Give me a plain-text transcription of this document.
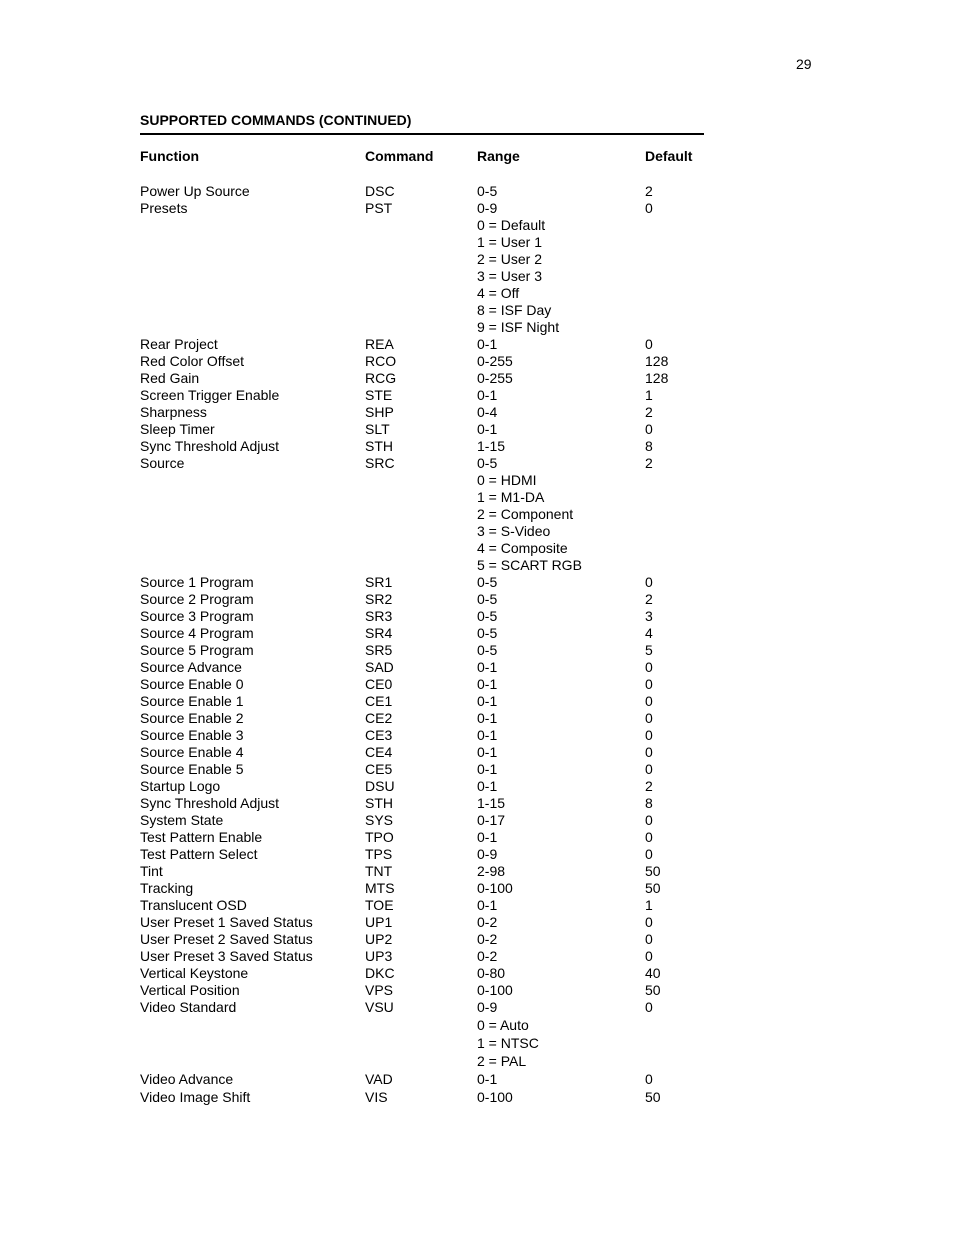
29
SUPPORTED COMMANDS (CONTINUED)
Function	Command	Range	Default
Power Up Source	DSC	0-5	2
Presets	PST	0-9	0
0 = Default
1 = User 1
2 = User 2
3 = User 3
4 = Off
8 = ISF Day
9 = ISF Night
Rear Project	REA	0-1	0
Red Color Offset	RCO	0-255	128
Red Gain	RCG	0-255	128
Screen Trigger Enable	STE	0-1	1
Sharpness	SHP	0-4	2
Sleep Timer	SLT	0-1	0
Sync Threshold Adjust	STH	1-15	8
Source	SRC	0-5	2
0 = HDMI
1 = M1-DA
2 = Component
3 = S-Video
4 = Composite
5 = SCART RGB
Source 1 Program	SR1	0-5	0
Source 2 Program	SR2	0-5	2
Source 3 Program	SR3	0-5	3
Source 4 Program	SR4	0-5	4
Source 5 Program	SR5	0-5	5
Source Advance	SAD	0-1	0
Source Enable 0	CE0	0-1	0
Source Enable 1	CE1	0-1	0
Source Enable 2	CE2	0-1	0
Source Enable 3	CE3	0-1	0
Source Enable 4	CE4	0-1	0
Source Enable 5	CE5	0-1	0
Startup Logo	DSU	0-1	2
Sync Threshold Adjust	STH	1-15	8
System State	SYS	0-17	0
Test Pattern Enable	TPO	0-1	0
Test Pattern Select	TPS	0-9	0
Tint	TNT	2-98	50
Tracking	MTS	0-100	50
Translucent OSD	TOE	0-1	1
User Preset 1 Saved Status	UP1	0-2	0
User Preset 2 Saved Status	UP2	0-2	0
User Preset 3 Saved Status	UP3	0-2	0
Vertical Keystone	DKC	0-80	40
Vertical Position	VPS	0-100	50
Video Standard	VSU	0-9	0
0 = Auto
1 = NTSC
2 = PAL
Video Advance	VAD	0-1	0
Video Image Shift	VIS	0-100	50
